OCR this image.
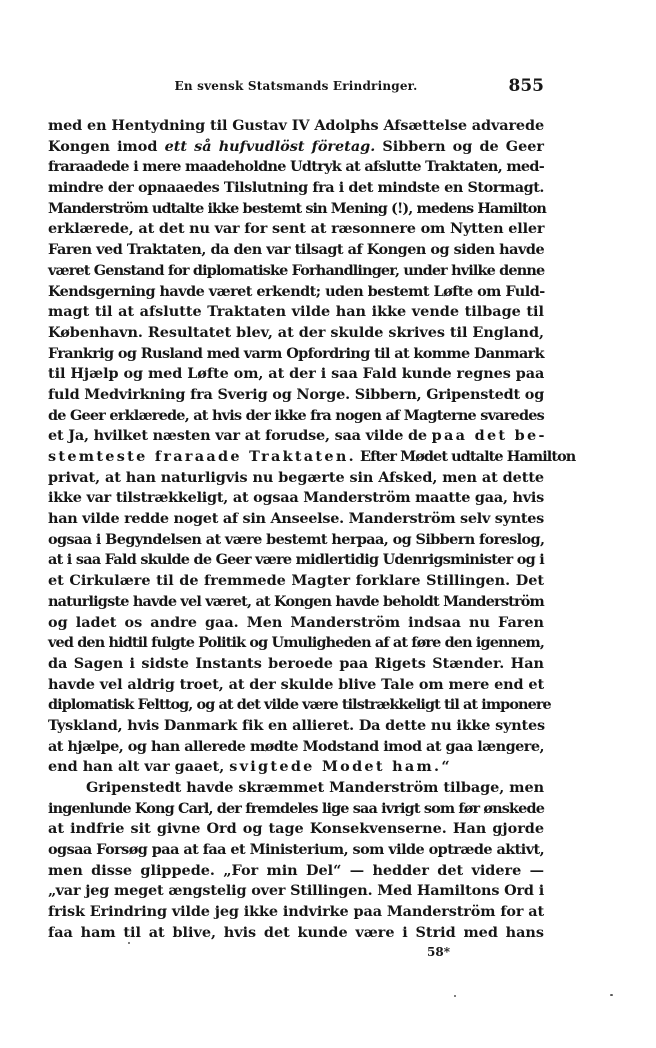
En svensk Statsmands Erindringer.	855
med en Hentydning til Gustav IV Adolphs Afsættelse advarede
Kongen imod ett så hufvudlöst företag. Sibbern og de Geer
fraraadede i mere maadeholdne Udtryk at afslutte Traktaten, med-
mindre der opnaaedes Tilslutning fra i det mindste en Stormagt.
Manderström udtalte ikke bestemt sin Mening (!), medens Hamilton
erklærede, at det nu var for sent at ræsonnere om Nytten eller
Faren ved Traktaten, da den var tilsagt af Kongen og siden havde
været Genstand for diplomatiske Forhandlinger, under hvilke denne
Kendsgerning havde været erkendt; uden bestemt Løfte om Fuld-
magt til at afslutte Traktaten vilde han ikke vende tilbage til
København. Resultatet blev, at der skulde skrives til England,
Frankrig og Rusland med varm Opfordring til at komme Danmark
til Hjælp og med Løfte om, at der i saa Fald kunde regnes paa
fuld Medvirkning fra Sverig og Norge. Sibbern, Gripenstedt og
de Geer erklærede, at hvis der ikke fra nogen af Magterne svaredes
et Ja, hvilket næsten var at forudse, saa vilde de paa det be-
stemteste fraraade Traktaten. Efter Mødet udtalte Hamilton
privat, at han naturligvis nu begærte sin Afsked, men at dette
ikke var tilstrækkeligt, at ogsaa Manderström maatte gaa, hvis
han vilde redde noget af sin Anseelse. Manderström selv syntes
ogsaa i Begyndelsen at være bestemt herpaa, og Sibbern foreslog,
at i saa Fald skulde de Geer være midlertidig Udenrigsminister og i
et Cirkulære til de fremmede Magter forklare Stillingen. Det
naturligste havde vel været, at Kongen havde beholdt Manderström
og ladet os andre gaa. Men Manderström indsaa nu Faren
ved den hidtil fulgte Politik og Umuligheden af at føre den igennem,
da Sagen i sidste Instants beroede paa Rigets Stænder. Han
havde vel aldrig troet, at der skulde blive Tale om mere end et
diplomatisk Felttog, og at det vilde være tilstrækkeligt til at imponere
Tyskland, hvis Danmark fik en allieret. Da dette nu ikke syntes
at hjælpe, og han allerede mødte Modstand imod at gaa længere,
end han alt var gaaet, svigtede Modet ham.“
Gripenstedt havde skræmmet Manderström tilbage, men
ingenlunde Kong Carl, der fremdeles lige saa ivrigt som før ønskede
at indfrie sit givne Ord og tage Konsekvenserne. Han gjorde
ogsaa Forsøg paa at faa et Ministerium, som vilde optræde aktivt,
men disse glippede. „For min Del“ — hedder det videre —
„var jeg meget ængstelig over Stillingen. Med Hamiltons Ord i
frisk Erindring vilde jeg ikke indvirke paa Manderström for at
faa ham til at blive, hvis det kunde være i Strid med hans
58*
